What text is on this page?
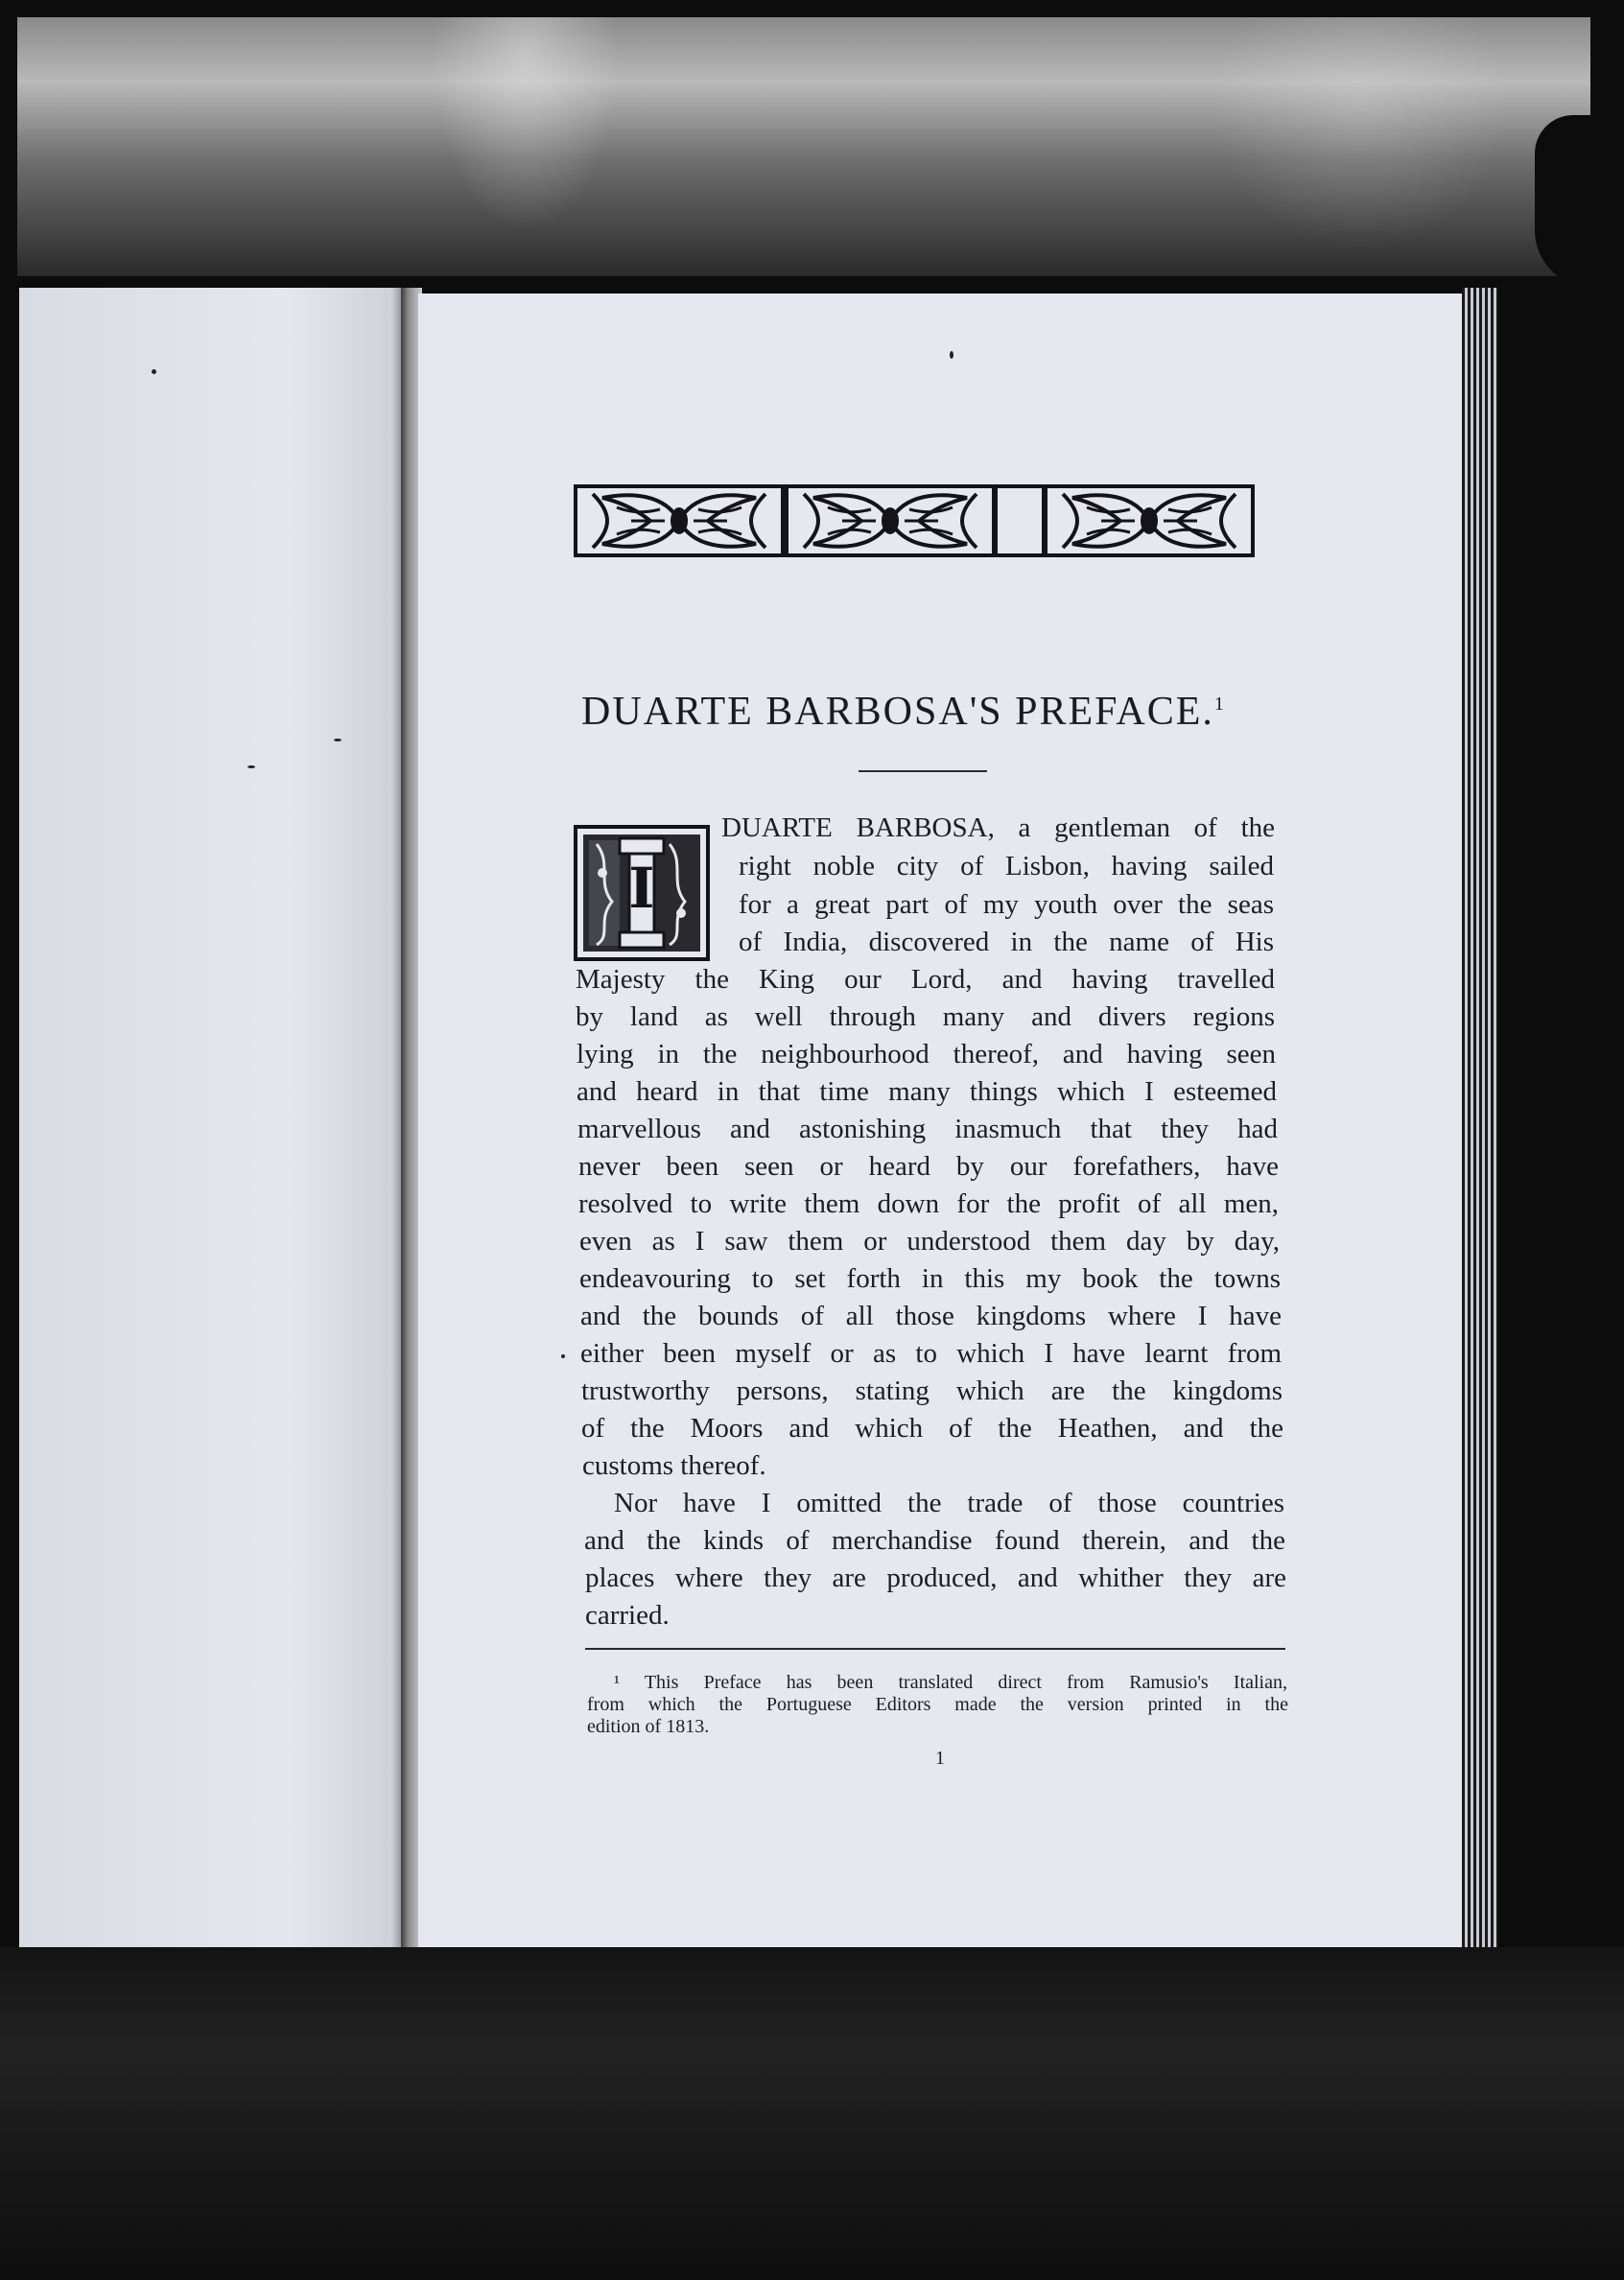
DUARTE BARBOSA'S PREFACE.$^1$
I
DUARTE BARBOSA, a gentleman of the
right noble city of Lisbon, having sailed
for a great part of my youth over the seas
of India, discovered in the name of His
Majesty the King our Lord, and having travelled
by land as well through many and divers regions
lying in the neighbourhood thereof, and having seen
and heard in that time many things which I esteemed
marvellous and astonishing inasmuch that they had
never been seen or heard by our forefathers, have
resolved to write them down for the profit of all men,
even as I saw them or understood them day by day,
endeavouring to set forth in this my book the towns
and the bounds of all those kingdoms where I have
either been myself or as to which I have learnt from
trustworthy persons, stating which are the kingdoms
of the Moors and which of the Heathen, and the
customs thereof.
Nor have I omitted the trade of those countries
and the kinds of merchandise found therein, and the
places where they are produced, and whither they are
carried.
¹ This Preface has been translated direct from Ramusio's Italian,
from which the Portuguese Editors made the version printed in the
edition of 1813.
1
